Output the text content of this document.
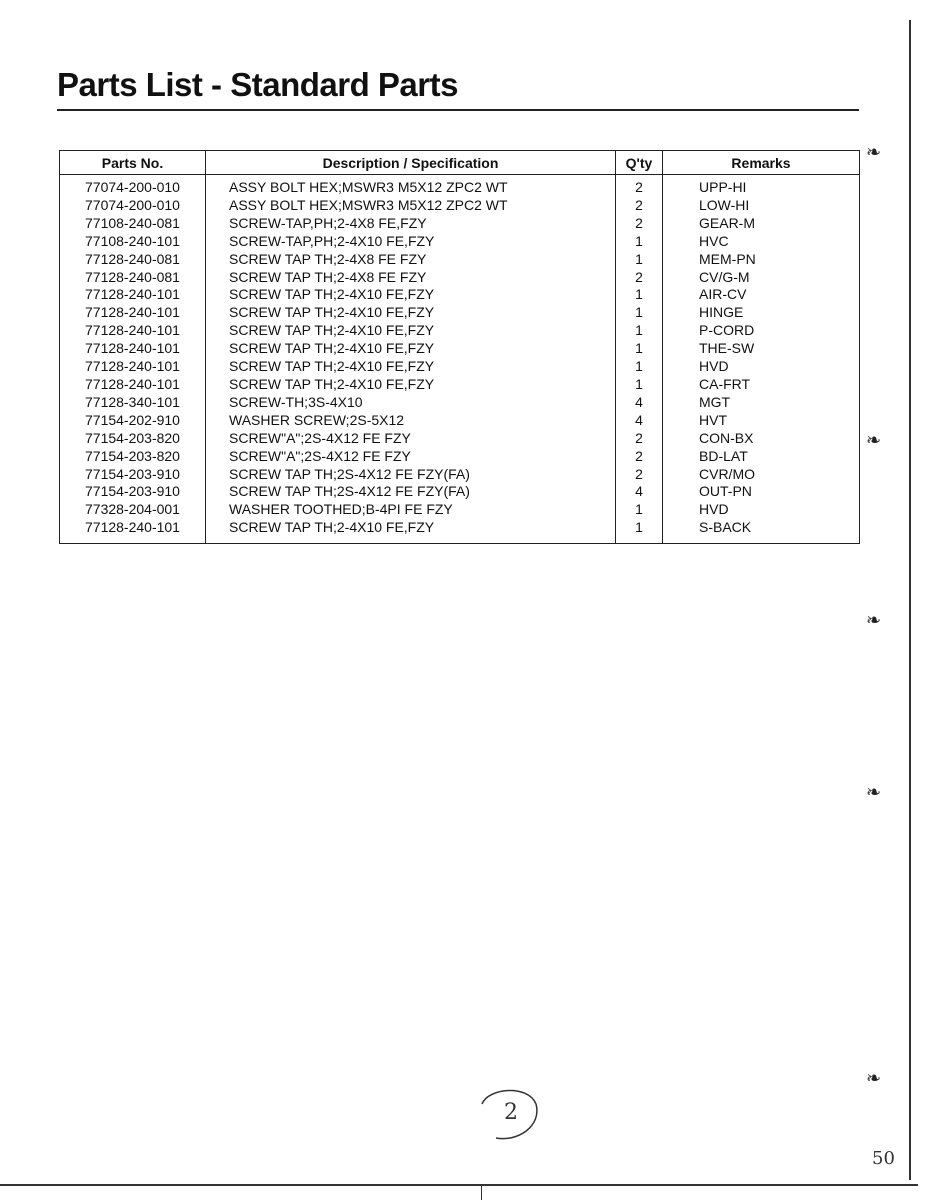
Parts List - Standard Parts
Parts No.	Description / Specification	Q'ty	Remarks
77074-200-010	ASSY BOLT HEX;MSWR3 M5X12 ZPC2 WT	2	UPP-HI
77074-200-010	ASSY BOLT HEX;MSWR3 M5X12 ZPC2 WT	2	LOW-HI
77108-240-081	SCREW-TAP,PH;2-4X8 FE,FZY	2	GEAR-M
77108-240-101	SCREW-TAP,PH;2-4X10 FE,FZY	1	HVC
77128-240-081	SCREW TAP TH;2-4X8 FE FZY	1	MEM-PN
77128-240-081	SCREW TAP TH;2-4X8 FE FZY	2	CV/G-M
77128-240-101	SCREW TAP TH;2-4X10 FE,FZY	1	AIR-CV
77128-240-101	SCREW TAP TH;2-4X10 FE,FZY	1	HINGE
77128-240-101	SCREW TAP TH;2-4X10 FE,FZY	1	P-CORD
77128-240-101	SCREW TAP TH;2-4X10 FE,FZY	1	THE-SW
77128-240-101	SCREW TAP TH;2-4X10 FE,FZY	1	HVD
77128-240-101	SCREW TAP TH;2-4X10 FE,FZY	1	CA-FRT
77128-340-101	SCREW-TH;3S-4X10	4	MGT
77154-202-910	WASHER SCREW;2S-5X12	4	HVT
77154-203-820	SCREW"A";2S-4X12 FE FZY	2	CON-BX
77154-203-820	SCREW"A";2S-4X12 FE FZY	2	BD-LAT
77154-203-910	SCREW TAP TH;2S-4X12 FE FZY(FA)	2	CVR/MO
77154-203-910	SCREW TAP TH;2S-4X12 FE FZY(FA)	4	OUT-PN
77328-204-001	WASHER TOOTHED;B-4PI FE FZY	1	HVD
77128-240-101	SCREW TAP TH;2-4X10 FE,FZY	1	S-BACK
❧
❧
❧
❧
❧
2
50
